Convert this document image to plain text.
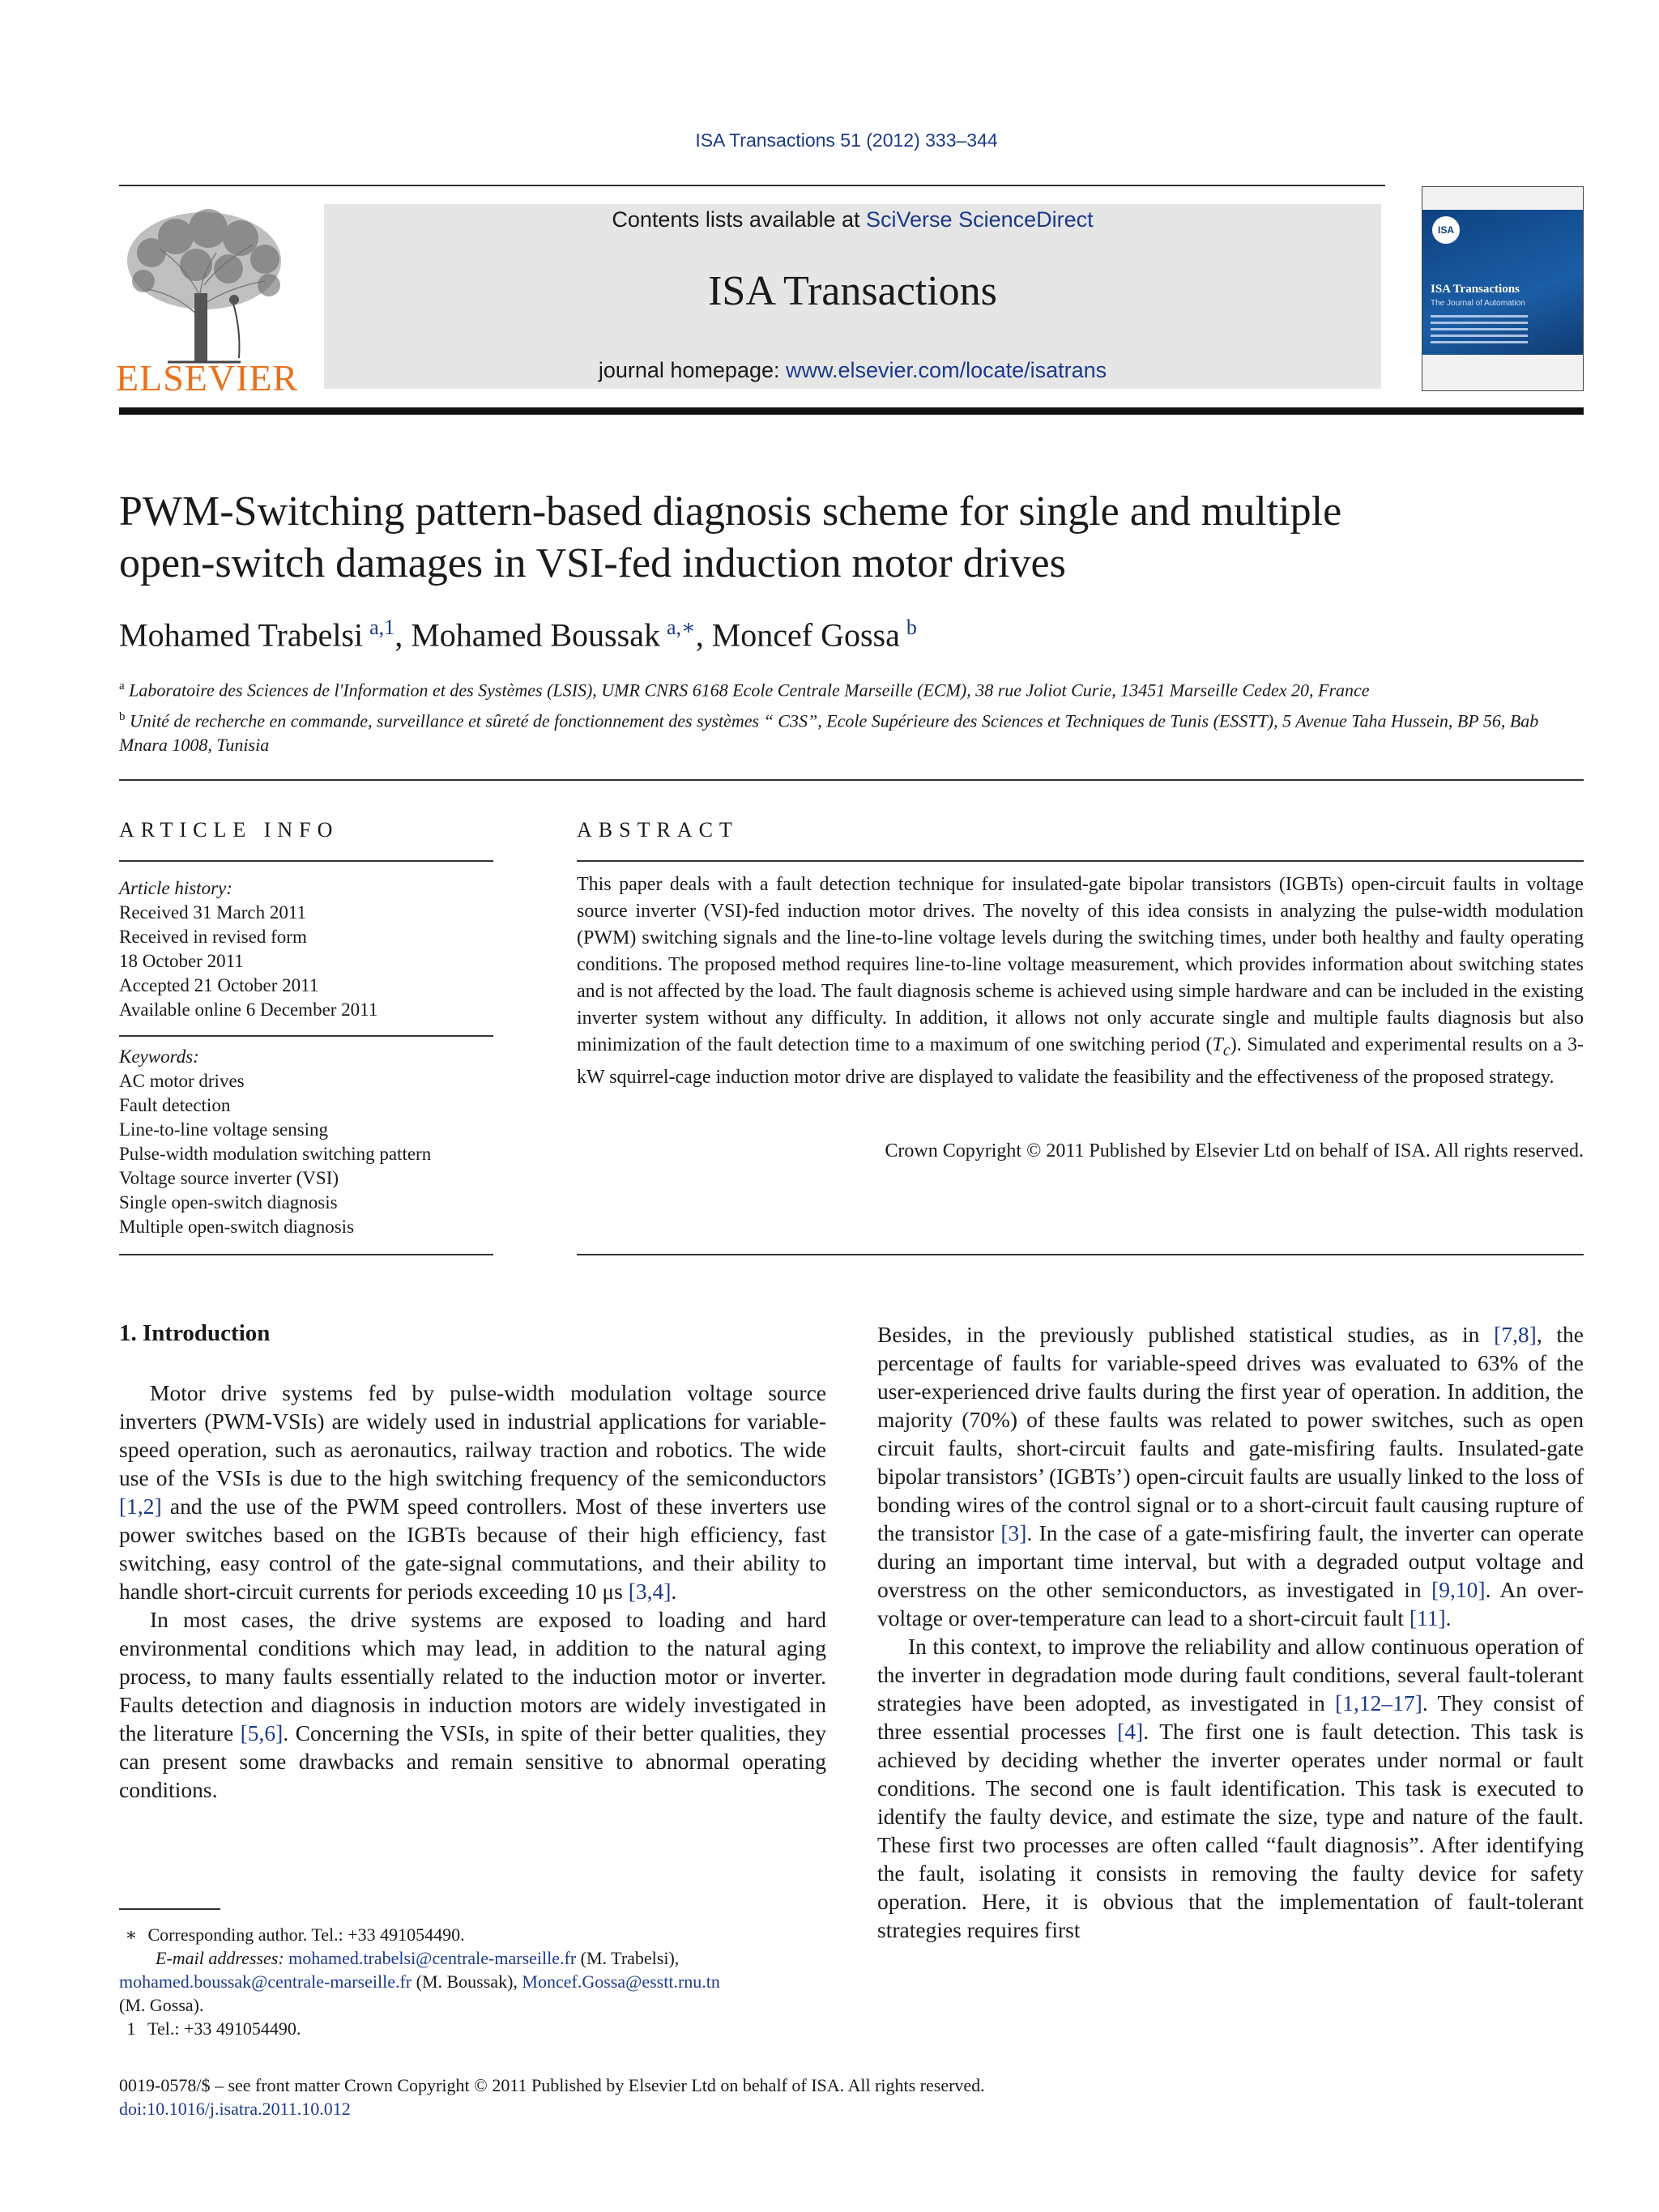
ISA Transactions 51 (2012) 333–344
ELSEVIER
Contents lists available at SciVerse ScienceDirect
ISA Transactions
journal homepage: www.elsevier.com/locate/isatrans
ISA
ISA Transactions
The Journal of Automation
PWM-Switching pattern-based diagnosis scheme for single and multiple
open-switch damages in VSI-fed induction motor drives
Mohamed Trabelsi  $^{a,1}$, Mohamed Boussak  $^{a,∗}$, Moncef Gossa  $^b$
$^a$ Laboratoire des Sciences de l'Information et des Systèmes (LSIS), UMR CNRS 6168 Ecole Centrale Marseille (ECM), 38 rue Joliot Curie, 13451 Marseille Cedex 20, France
$^b$ Unité de recherche en commande, surveillance et sûreté de fonctionnement des systèmes “ C3S”, Ecole Supérieure des Sciences et Techniques de Tunis (ESSTT), 5 Avenue Taha Hussein, BP 56, Bab Mnara 1008, Tunisia
ARTICLE INFO
Article history:
Received 31 March 2011
Received in revised form
18 October 2011
Accepted 21 October 2011
Available online 6 December 2011
Keywords:
AC motor drives
Fault detection
Line-to-line voltage sensing
Pulse-width modulation switching pattern
Voltage source inverter (VSI)
Single open-switch diagnosis
Multiple open-switch diagnosis
ABSTRACT
This paper deals with a fault detection technique for insulated-gate bipolar transistors (IGBTs) open-circuit faults in voltage source inverter (VSI)-fed induction motor drives. The novelty of this idea consists in analyzing the pulse-width modulation (PWM) switching signals and the line-to-line voltage levels during the switching times, under both healthy and faulty operating conditions. The proposed method requires line-to-line voltage measurement, which provides information about switching states and is not affected by the load. The fault diagnosis scheme is achieved using simple hardware and can be included in the existing inverter system without any difficulty. In addition, it allows not only accurate single and multiple faults diagnosis but also minimization of the fault detection time to a maximum of one switching period $(T_c)$. Simulated and experimental results on a 3-kW squirrel-cage induction motor drive are displayed to validate the feasibility and the effectiveness of the proposed strategy.
Crown Copyright © 2011 Published by Elsevier Ltd on behalf of ISA. All rights reserved.
1. Introduction

Motor drive systems fed by pulse-width modulation voltage source inverters (PWM-VSIs) are widely used in industrial applications for variable-speed operation, such as aeronautics, railway traction and robotics. The wide use of the VSIs is due to the high switching frequency of the semiconductors [1,2] and the use of the PWM speed controllers. Most of these inverters use power switches based on the IGBTs because of their high efficiency, fast switching, easy control of the gate-signal commutations, and their ability to handle short-circuit currents for periods exceeding 10 μs [3,4].

In most cases, the drive systems are exposed to loading and hard environmental conditions which may lead, in addition to the natural aging process, to many faults essentially related to the induction motor or inverter. Faults detection and diagnosis in induction motors are widely investigated in the literature [5,6]. Concerning the VSIs, in spite of their better qualities, they can present some drawbacks and remain sensitive to abnormal operating conditions.

Besides, in the previously published statistical studies, as in [7,8], the percentage of faults for variable-speed drives was evaluated to 63% of the user-experienced drive faults during the first year of operation. In addition, the majority (70%) of these faults was related to power switches, such as open circuit faults, short-circuit faults and gate-misfiring faults. Insulated-gate bipolar transistors’ (IGBTs’) open-circuit faults are usually linked to the loss of bonding wires of the control signal or to a short-circuit fault causing rupture of the transistor [3]. In the case of a gate-misfiring fault, the inverter can operate during an important time interval, but with a degraded output voltage and overstress on the other semiconductors, as investigated in [9,10]. An over-voltage or over-temperature can lead to a short-circuit fault [11].

In this context, to improve the reliability and allow continuous operation of the inverter in degradation mode during fault conditions, several fault-tolerant strategies have been adopted, as investigated in [1,12–17]. They consist of three essential processes [4]. The first one is fault detection. This task is achieved by deciding whether the inverter operates under normal or fault conditions. The second one is fault identification. This task is executed to identify the faulty device, and estimate the size, type and nature of the fault. These first two processes are often called “fault diagnosis”. After identifying the fault, isolating it consists in removing the faulty device for safety operation. Here, it is obvious that the implementation of fault-tolerant strategies requires first

∗ Corresponding author. Tel.: +33 491054490.
E-mail addresses: mohamed.trabelsi@centrale-marseille.fr (M. Trabelsi),
mohamed.boussak@centrale-marseille.fr (M. Boussak), Moncef.Gossa@esstt.rnu.tn
(M. Gossa).
1 Tel.: +33 491054490.
0019-0578/$ – see front matter Crown Copyright © 2011 Published by Elsevier Ltd on behalf of ISA. All rights reserved.
doi:10.1016/j.isatra.2011.10.012
